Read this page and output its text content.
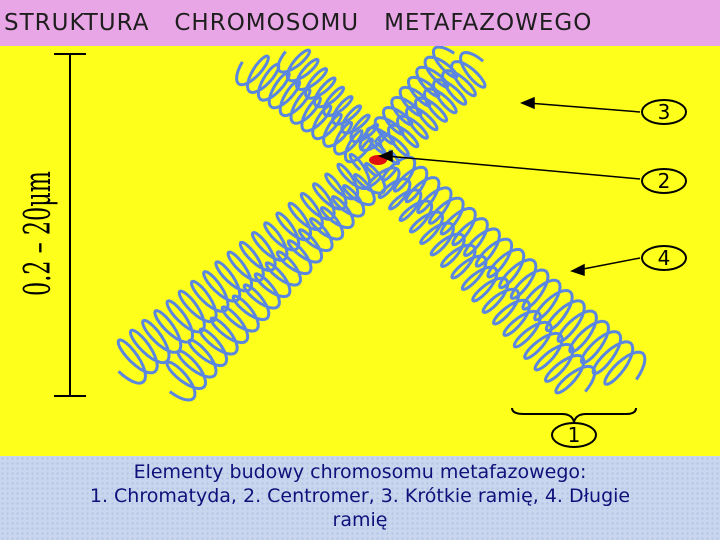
STRUKTURA   CHROMOSOMU   METAFAZOWEGO
0.2 – 20μm
3
2
4
1
Elementy budowy chromosomu metafazowego:
1. Chromatyda, 2. Centromer, 3. Krótkie ramię, 4. Długie
ramię
